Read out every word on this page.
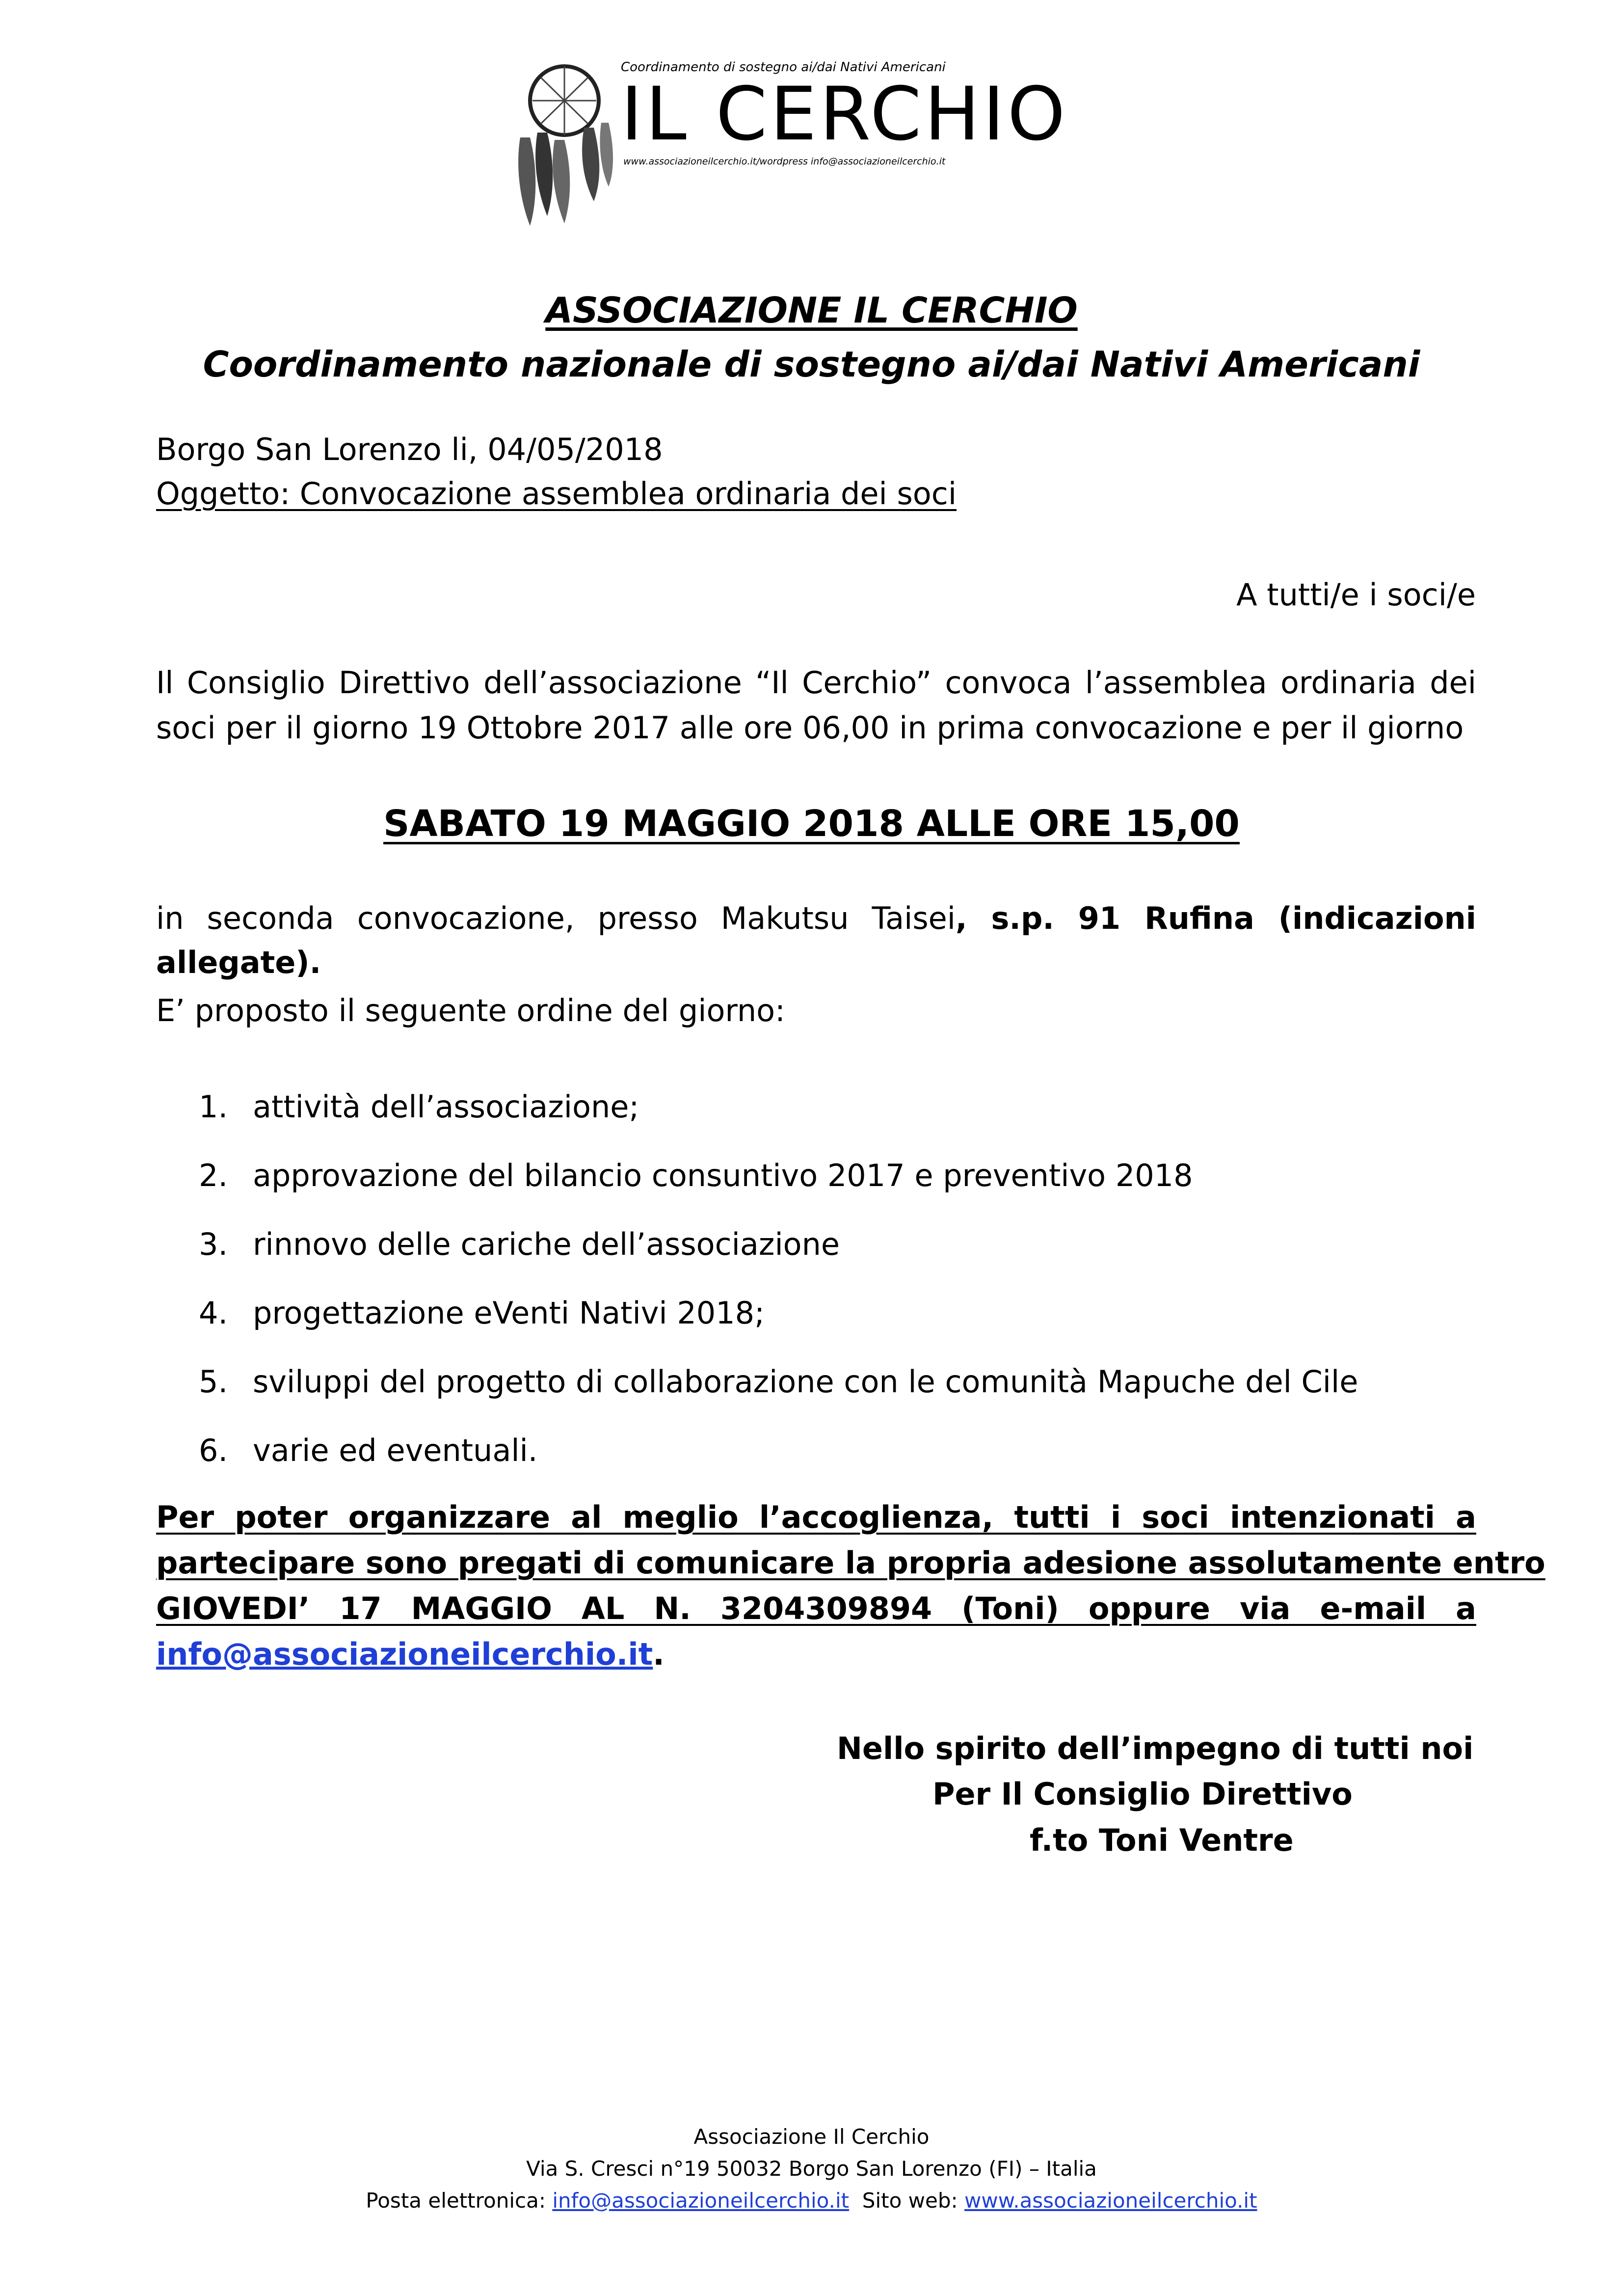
Coordinamento di sostegno ai/dai Nativi Americani
IL CERCHIO
www.associazioneilcerchio.it/wordpress info@associazioneilcerchio.it
ASSOCIAZIONE IL CERCHIO
Coordinamento nazionale di sostegno ai/dai Nativi Americani
Borgo San Lorenzo li, 04/05/2018
Oggetto: Convocazione assemblea ordinaria dei soci
A tutti/e i soci/e
Il Consiglio Direttivo dell’associazione “Il Cerchio” convoca l’assemblea ordinaria dei
soci per il giorno 19 Ottobre 2017 alle ore 06,00 in prima convocazione e per il giorno
SABATO 19 MAGGIO 2018 ALLE ORE 15,00
in seconda convocazione, presso Makutsu Taisei, s.p. 91 Rufina (indicazioni
allegate).
E’ proposto il seguente ordine del giorno:
1. attività dell’associazione;
2. approvazione del bilancio consuntivo 2017 e preventivo 2018
3. rinnovo delle cariche dell’associazione
4. progettazione eVenti Nativi 2018;
5. sviluppi del progetto di collaborazione con le comunità Mapuche del Cile
6. varie ed eventuali.
Per poter organizzare al meglio l’accoglienza, tutti i soci intenzionati a
partecipare sono pregati di comunicare la propria adesione assolutamente entro
GIOVEDI’ 17 MAGGIO AL N. 3204309894 (Toni) oppure via e-mail a
info@associazioneilcerchio.it.
Nello spirito dell’impegno di tutti noi
Per Il Consiglio Direttivo
f.to Toni Ventre
Associazione Il Cerchio
Via S. Cresci n°19 50032 Borgo San Lorenzo (FI) – Italia
Posta elettronica: info@associazioneilcerchio.it  Sito web: www.associazioneilcerchio.it
